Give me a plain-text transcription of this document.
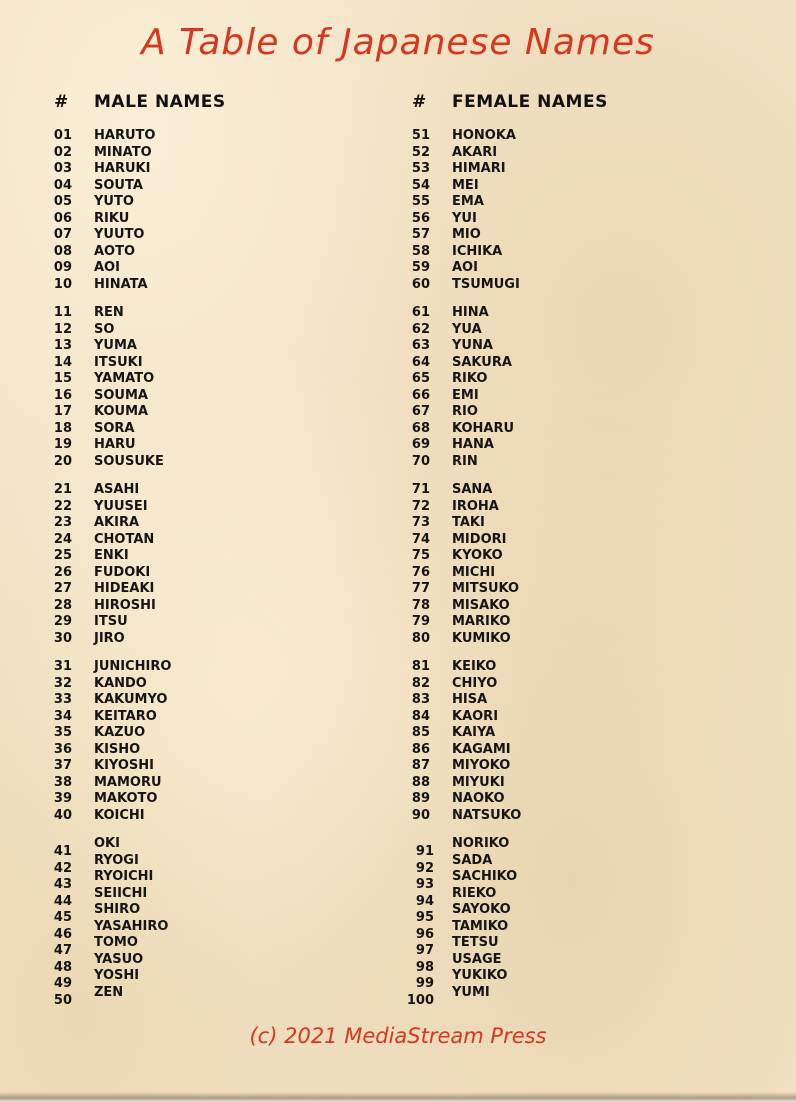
A Table of Japanese Names
# MALE NAMES	# FEMALE NAMES
01 HARUTO
02 MINATO
03 HARUKI
04 SOUTA
05 YUTO
06 RIKU
07 YUUTO
08 AOTO
09 AOI
10 HINATA
11 REN
12 SO
13 YUMA
14 ITSUKI
15 YAMATO
16 SOUMA
17 KOUMA
18 SORA
19 HARU
20 SOUSUKE
21 ASAHI
22 YUUSEI
23 AKIRA
24 CHOTAN
25 ENKI
26 FUDOKI
27 HIDEAKI
28 HIROSHI
29 ITSU
30 JIRO
31 JUNICHIRO
32 KANDO
33 KAKUMYO
34 KEITARO
35 KAZUO
36 KISHO
37 KIYOSHI
38 MAMORU
39 MAKOTO
40 KOICHI
51 HONOKA
52 AKARI
53 HIMARI
54 MEI
55 EMA
56 YUI
57 MIO
58 ICHIKA
59 AOI
60 TSUMUGI
61 HINA
62 YUA
63 YUNA
64 SAKURA
65 RIKO
66 EMI
67 RIO
68 KOHARU
69 HANA
70 RIN
71 SANA
72 IROHA
73 TAKI
74 MIDORI
75 KYOKO
76 MICHI
77 MITSUKO
78 MISAKO
79 MARIKO
80 KUMIKO
81 KEIKO
82 CHIYO
83 HISA
84 KAORI
85 KAIYA
86 KAGAMI
87 MIYOKO
88 MIYUKI
89 NAOKO
90 NATSUKO
41
42
43
44
45
46
47
48
49
50
OKI
RYOGI
RYOICHI
SEIICHI
SHIRO
YASAHIRO
TOMO
YASUO
YOSHI
ZEN
91
92
93
94
95
96
97
98
99
100
NORIKO
SADA
SACHIKO
RIEKO
SAYOKO
TAMIKO
TETSU
USAGE
YUKIKO
YUMI
(c) 2021 MediaStream Press
